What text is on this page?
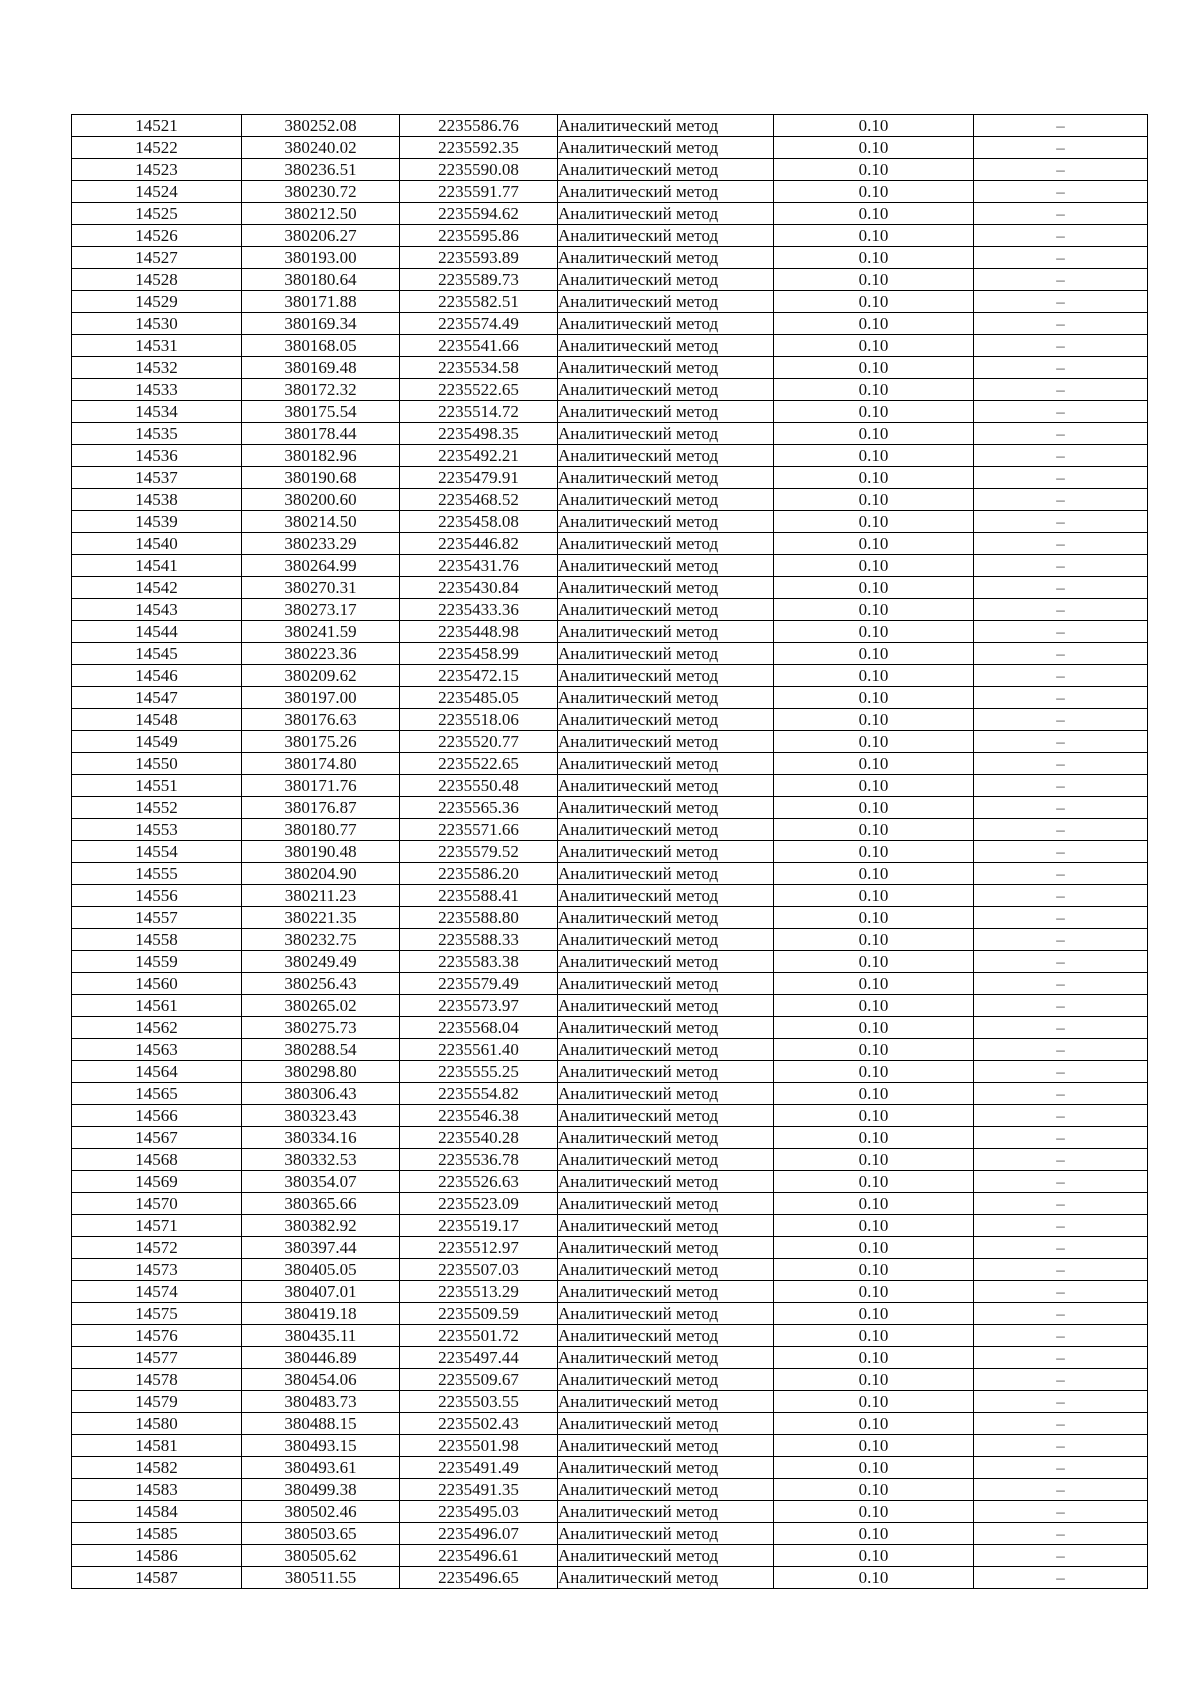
14521	380252.08	2235586.76	Аналитический метод	0.10	–
14522	380240.02	2235592.35	Аналитический метод	0.10	–
14523	380236.51	2235590.08	Аналитический метод	0.10	–
14524	380230.72	2235591.77	Аналитический метод	0.10	–
14525	380212.50	2235594.62	Аналитический метод	0.10	–
14526	380206.27	2235595.86	Аналитический метод	0.10	–
14527	380193.00	2235593.89	Аналитический метод	0.10	–
14528	380180.64	2235589.73	Аналитический метод	0.10	–
14529	380171.88	2235582.51	Аналитический метод	0.10	–
14530	380169.34	2235574.49	Аналитический метод	0.10	–
14531	380168.05	2235541.66	Аналитический метод	0.10	–
14532	380169.48	2235534.58	Аналитический метод	0.10	–
14533	380172.32	2235522.65	Аналитический метод	0.10	–
14534	380175.54	2235514.72	Аналитический метод	0.10	–
14535	380178.44	2235498.35	Аналитический метод	0.10	–
14536	380182.96	2235492.21	Аналитический метод	0.10	–
14537	380190.68	2235479.91	Аналитический метод	0.10	–
14538	380200.60	2235468.52	Аналитический метод	0.10	–
14539	380214.50	2235458.08	Аналитический метод	0.10	–
14540	380233.29	2235446.82	Аналитический метод	0.10	–
14541	380264.99	2235431.76	Аналитический метод	0.10	–
14542	380270.31	2235430.84	Аналитический метод	0.10	–
14543	380273.17	2235433.36	Аналитический метод	0.10	–
14544	380241.59	2235448.98	Аналитический метод	0.10	–
14545	380223.36	2235458.99	Аналитический метод	0.10	–
14546	380209.62	2235472.15	Аналитический метод	0.10	–
14547	380197.00	2235485.05	Аналитический метод	0.10	–
14548	380176.63	2235518.06	Аналитический метод	0.10	–
14549	380175.26	2235520.77	Аналитический метод	0.10	–
14550	380174.80	2235522.65	Аналитический метод	0.10	–
14551	380171.76	2235550.48	Аналитический метод	0.10	–
14552	380176.87	2235565.36	Аналитический метод	0.10	–
14553	380180.77	2235571.66	Аналитический метод	0.10	–
14554	380190.48	2235579.52	Аналитический метод	0.10	–
14555	380204.90	2235586.20	Аналитический метод	0.10	–
14556	380211.23	2235588.41	Аналитический метод	0.10	–
14557	380221.35	2235588.80	Аналитический метод	0.10	–
14558	380232.75	2235588.33	Аналитический метод	0.10	–
14559	380249.49	2235583.38	Аналитический метод	0.10	–
14560	380256.43	2235579.49	Аналитический метод	0.10	–
14561	380265.02	2235573.97	Аналитический метод	0.10	–
14562	380275.73	2235568.04	Аналитический метод	0.10	–
14563	380288.54	2235561.40	Аналитический метод	0.10	–
14564	380298.80	2235555.25	Аналитический метод	0.10	–
14565	380306.43	2235554.82	Аналитический метод	0.10	–
14566	380323.43	2235546.38	Аналитический метод	0.10	–
14567	380334.16	2235540.28	Аналитический метод	0.10	–
14568	380332.53	2235536.78	Аналитический метод	0.10	–
14569	380354.07	2235526.63	Аналитический метод	0.10	–
14570	380365.66	2235523.09	Аналитический метод	0.10	–
14571	380382.92	2235519.17	Аналитический метод	0.10	–
14572	380397.44	2235512.97	Аналитический метод	0.10	–
14573	380405.05	2235507.03	Аналитический метод	0.10	–
14574	380407.01	2235513.29	Аналитический метод	0.10	–
14575	380419.18	2235509.59	Аналитический метод	0.10	–
14576	380435.11	2235501.72	Аналитический метод	0.10	–
14577	380446.89	2235497.44	Аналитический метод	0.10	–
14578	380454.06	2235509.67	Аналитический метод	0.10	–
14579	380483.73	2235503.55	Аналитический метод	0.10	–
14580	380488.15	2235502.43	Аналитический метод	0.10	–
14581	380493.15	2235501.98	Аналитический метод	0.10	–
14582	380493.61	2235491.49	Аналитический метод	0.10	–
14583	380499.38	2235491.35	Аналитический метод	0.10	–
14584	380502.46	2235495.03	Аналитический метод	0.10	–
14585	380503.65	2235496.07	Аналитический метод	0.10	–
14586	380505.62	2235496.61	Аналитический метод	0.10	–
14587	380511.55	2235496.65	Аналитический метод	0.10	–
